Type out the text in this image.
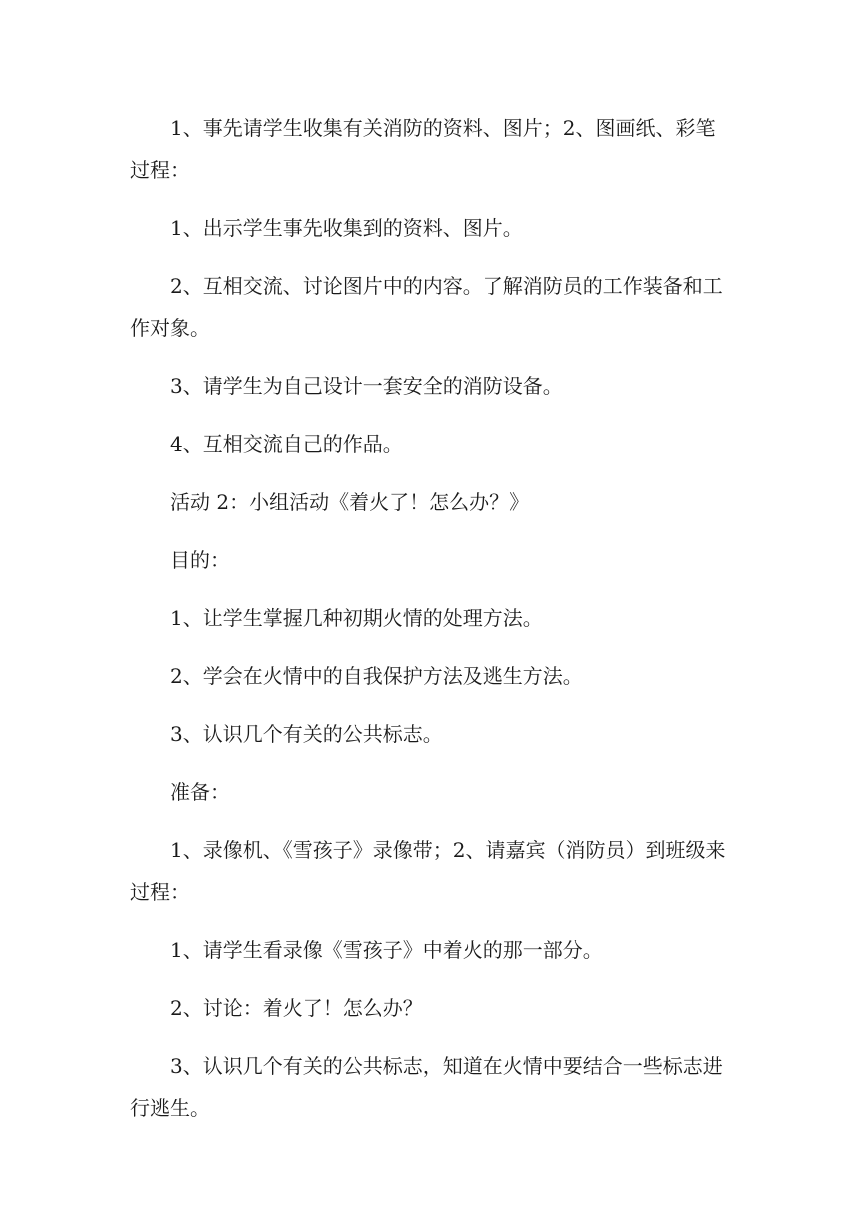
1、事先请学生收集有关消防的资料、图片；2、图画纸、彩笔过程：

1、出示学生事先收集到的资料、图片。

2、互相交流、讨论图片中的内容。了解消防员的工作装备和工作对象。

3、请学生为自己设计一套安全的消防设备。

4、互相交流自己的作品。

活动 2：小组活动《着火了！怎么办？》

目的：

1、让学生掌握几种初期火情的处理方法。

2、学会在火情中的自我保护方法及逃生方法。

3、认识几个有关的公共标志。

准备：

1、录像机、《雪孩子》录像带；2、请嘉宾（消防员）到班级来过程：

1、请学生看录像《雪孩子》中着火的那一部分。

2、讨论：着火了！怎么办？

3、认识几个有关的公共标志，知道在火情中要结合一些标志进行逃生。
